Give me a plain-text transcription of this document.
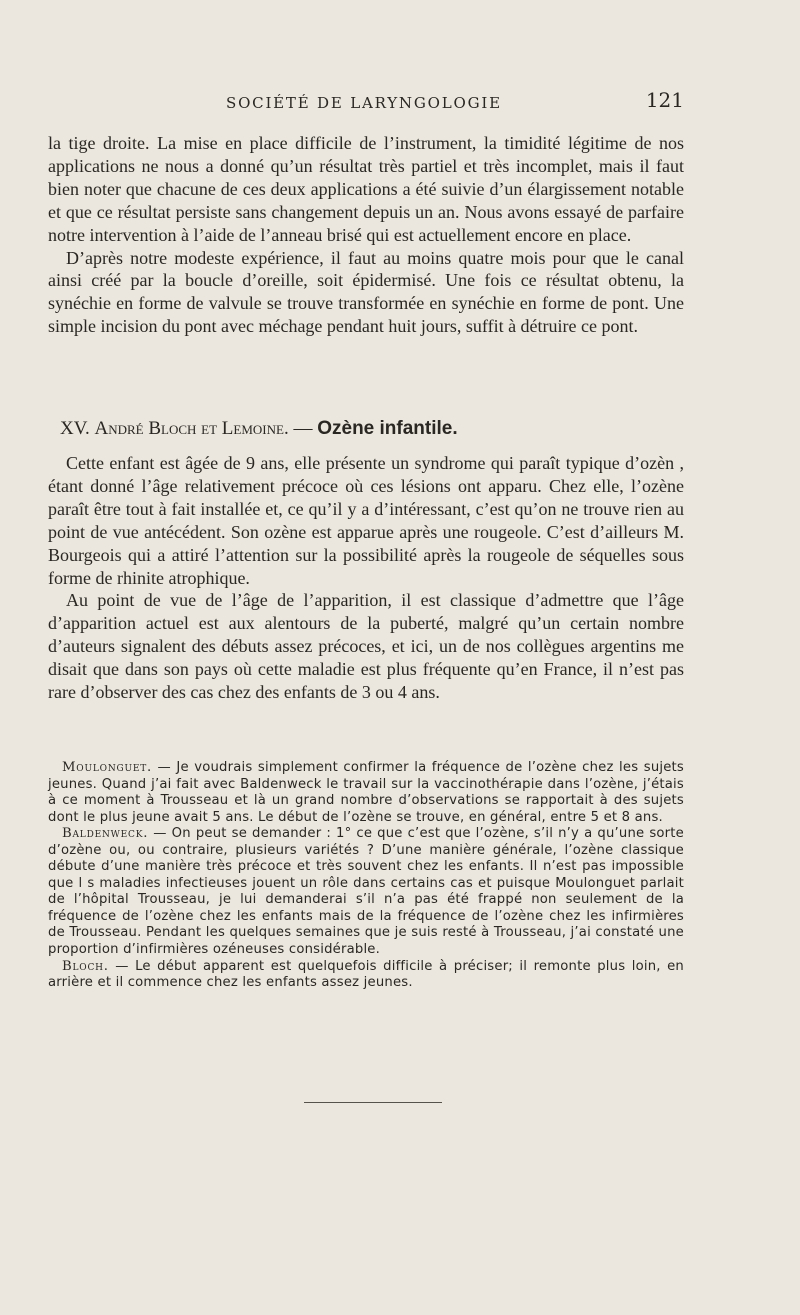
SOCIÉTÉ DE LARYNGOLOGIE	121

la tige droite. La mise en place difficile de l’instrument, la timidité légitime de nos applications ne nous a donné qu’un résultat très partiel et très incomplet, mais il faut bien noter que chacune de ces deux applications a été suivie d’un élargissement notable et que ce résultat persiste sans changement depuis un an. Nous avons essayé de parfaire notre intervention à l’aide de l’anneau brisé qui est actuellement encore en place.

D’après notre modeste expérience, il faut au moins quatre mois pour que le canal ainsi créé par la boucle d’oreille, soit épidermisé. Une fois ce résultat obtenu, la synéchie en forme de valvule se trouve transformée en synéchie en forme de pont. Une simple incision du pont avec méchage pendant huit jours, suffit à détruire ce pont.

XV. André Bloch et Lemoine. — Ozène infantile.

Cette enfant est âgée de 9 ans, elle présente un syndrome qui paraît typique d’ozèn , étant donné l’âge relativement précoce où ces lésions ont apparu. Chez elle, l’ozène paraît être tout à fait installée et, ce qu’il y a d’intéressant, c’est qu’on ne trouve rien au point de vue antécédent. Son ozène est apparue après une rougeole. C’est d’ailleurs M. Bourgeois qui a attiré l’attention sur la possibilité après la rougeole de séquelles sous forme de rhinite atrophique.

Au point de vue de l’âge de l’apparition, il est classique d’admettre que l’âge d’apparition actuel est aux alentours de la puberté, malgré qu’un certain nombre d’auteurs signalent des débuts assez précoces, et ici, un de nos collègues argentins me disait que dans son pays où cette maladie est plus fréquente qu’en France, il n’est pas rare d’observer des cas chez des enfants de 3 ou 4 ans.

Moulonguet. — Je voudrais simplement confirmer la fréquence de l’ozène chez les sujets jeunes. Quand j’ai fait avec Baldenweck le travail sur la vaccinothérapie dans l’ozène, j’étais à ce moment à Trousseau et là un grand nombre d’observations se rapportait à des sujets dont le plus jeune avait 5 ans. Le début de l’ozène se trouve, en général, entre 5 et 8 ans.

Baldenweck. — On peut se demander : 1° ce que c’est que l’ozène, s’il n’y a qu’une sorte d’ozène ou, ou contraire, plusieurs variétés ? D’une manière générale, l’ozène classique débute d’une manière très précoce et très souvent chez les enfants. Il n’est pas impossible que l s maladies infectieuses jouent un rôle dans certains cas et puisque Moulonguet parlait de l’hôpital Trousseau, je lui demanderai s’il n’a pas été frappé non seulement de la fréquence de l’ozène chez les enfants mais de la fréquence de l’ozène chez les infirmières de Trousseau. Pendant les quelques semaines que je suis resté à Trousseau, j’ai constaté une proportion d’infirmières ozéneuses considérable.

Bloch. — Le début apparent est quelquefois difficile à préciser; il remonte plus loin, en arrière et il commence chez les enfants assez jeunes.
